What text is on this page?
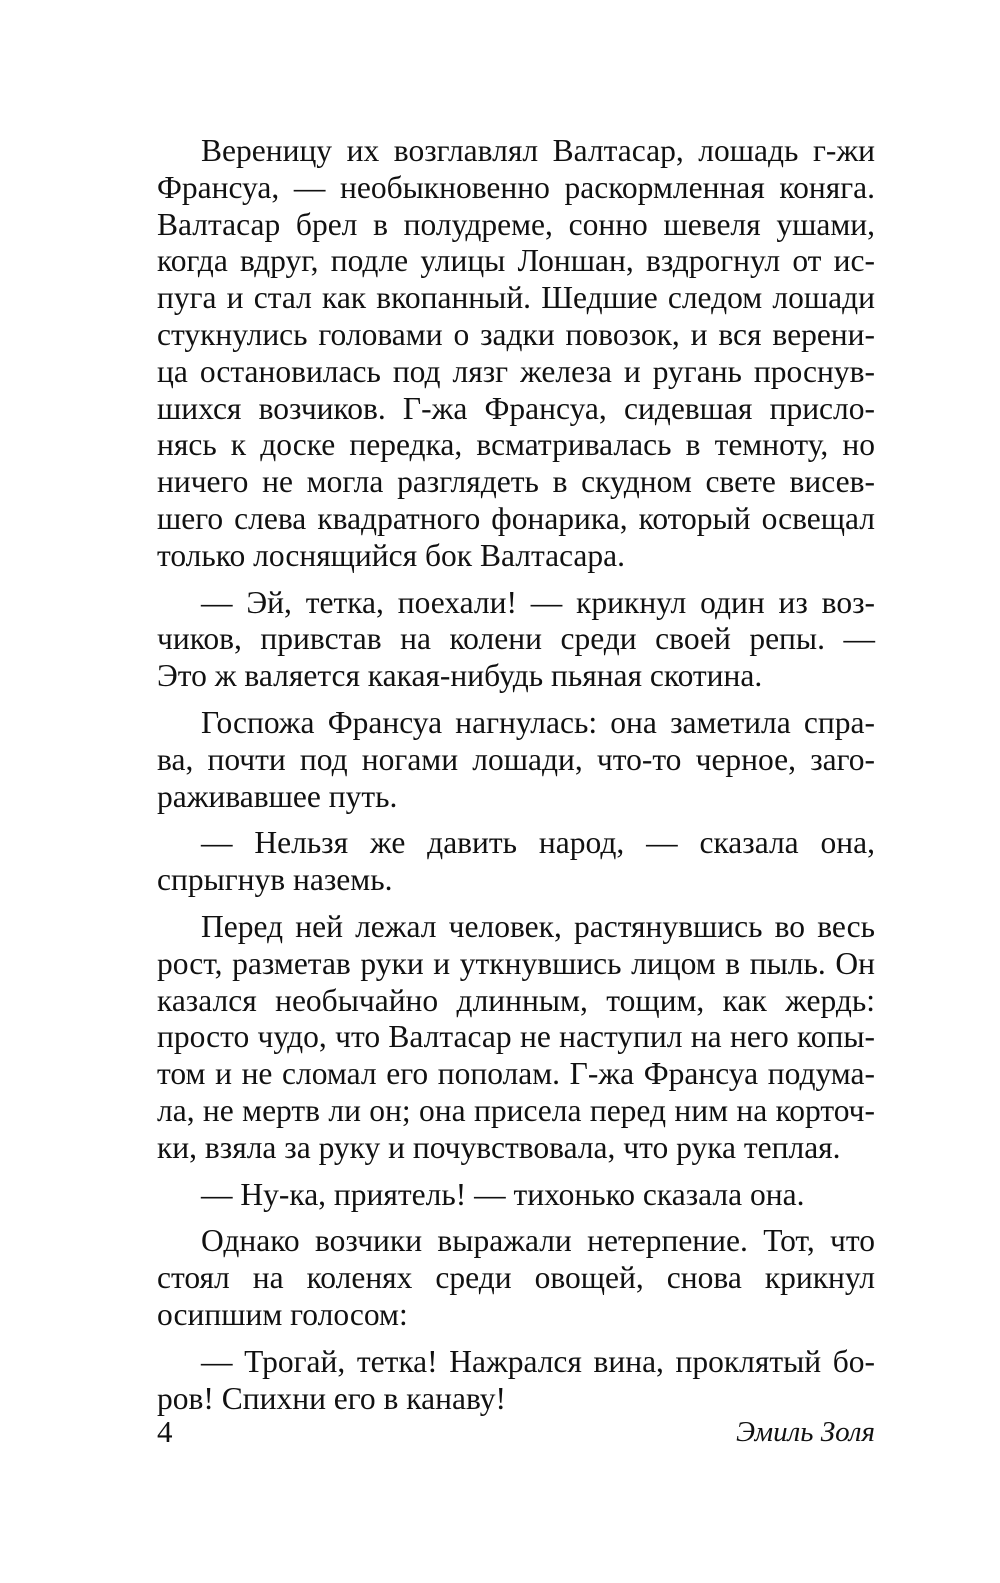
Вереницу их возглавлял Валтасар, лошадь г-жи
Франсуа, — необыкновенно раскормленная коняга.
Валтасар брел в полудреме, сонно шевеля ушами,
когда вдруг, подле улицы Лоншан, вздрогнул от ис-
пуга и стал как вкопанный. Шедшие следом лошади
стукнулись головами о задки повозок, и вся верени-
ца остановилась под лязг железа и ругань проснув-
шихся возчиков. Г-жа Франсуа, сидевшая присло-
нясь к доске передка, всматривалась в темноту, но
ничего не могла разглядеть в скудном свете висев-
шего слева квадратного фонарика, который освещал
только лоснящийся бок Валтасара.
— Эй, тетка, поехали! — крикнул один из воз-
чиков, привстав на колени среди своей репы. —
Это ж валяется какая-нибудь пьяная скотина.
Госпожа Франсуа нагнулась: она заметила спра-
ва, почти под ногами лошади, что-то черное, заго-
раживавшее путь.
— Нельзя же давить народ, — сказала она,
спрыгнув наземь.
Перед ней лежал человек, растянувшись во весь
рост, разметав руки и уткнувшись лицом в пыль. Он
казался необычайно длинным, тощим, как жердь:
просто чудо, что Валтасар не наступил на него копы-
том и не сломал его пополам. Г-жа Франсуа подума-
ла, не мертв ли он; она присела перед ним на корточ-
ки, взяла за руку и почувствовала, что рука теплая.
— Ну-ка, приятель! — тихонько сказала она.
Однако возчики выражали нетерпение. Тот, что
стоял на коленях среди овощей, снова крикнул
осипшим голосом:
— Трогай, тетка! Нажрался вина, проклятый бо-
ров! Спихни его в канаву!
4	Эмиль Золя
